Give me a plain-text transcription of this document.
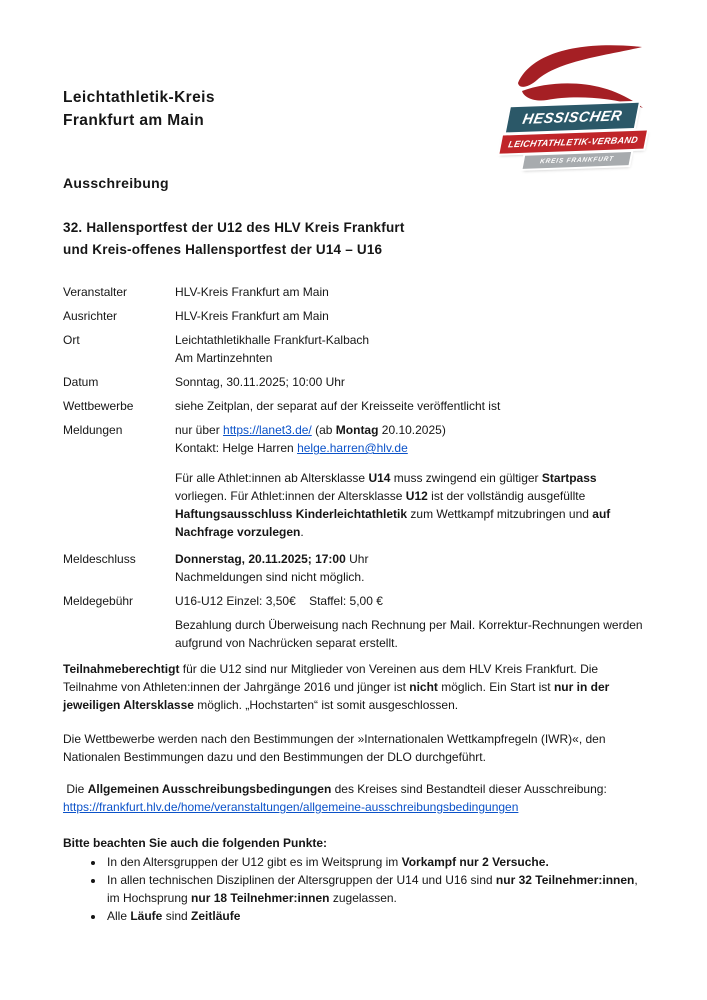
HESSISCHER
LEICHTATHLETIK-VERBAND
KREIS FRANKFURT
Leichtathletik-Kreis
Frankfurt am Main
Ausschreibung
32. Hallensportfest der U12 des HLV Kreis Frankfurt
und Kreis-offenes Hallensportfest der U14 – U16
Veranstalter	HLV-Kreis Frankfurt am Main
Ausrichter	HLV-Kreis Frankfurt am Main
Ort	Leichtathletikhalle Frankfurt-Kalbach
Am Martinzehnten
Datum	Sonntag, 30.11.2025; 10:00 Uhr
Wettbewerbe	siehe Zeitplan, der separat auf der Kreisseite veröffentlicht ist
Meldungen	nur über https://lanet3.de/ (ab Montag 20.10.2025)
Kontakt: Helge Harren helge.harren@hlv.de
Für alle Athlet:innen ab Altersklasse U14 muss zwingend ein gültiger Startpass vorliegen. Für Athlet:innen der Altersklasse U12 ist der vollständig ausgefüllte Haftungsausschluss Kinderleichtathletik zum Wettkampf mitzubringen und auf Nachfrage vorzulegen.
Meldeschluss	Donnerstag, 20.11.2025; 17:00 Uhr
Nachmeldungen sind nicht möglich.
Meldegebühr	U16-U12 Einzel: 3,50€    Staffel: 5,00 €
Bezahlung durch Überweisung nach Rechnung per Mail. Korrektur-Rechnungen werden aufgrund von Nachrücken separat erstellt.
Teilnahmeberechtigt für die U12 sind nur Mitglieder von Vereinen aus dem HLV Kreis Frankfurt. Die Teilnahme von Athleten:innen der Jahrgänge 2016 und jünger ist nicht möglich. Ein Start ist nur in der jeweiligen Altersklasse möglich. „Hochstarten“ ist somit ausgeschlossen.
Die Wettbewerbe werden nach den Bestimmungen der »Internationalen Wettkampfregeln (IWR)«, den Nationalen Bestimmungen dazu und den Bestimmungen der DLO durchgeführt.
Die Allgemeinen Ausschreibungsbedingungen des Kreises sind Bestandteil dieser Ausschreibung:
https://frankfurt.hlv.de/home/veranstaltungen/allgemeine-ausschreibungsbedingungen
Bitte beachten Sie auch die folgenden Punkte:
• In den Altersgruppen der U12 gibt es im Weitsprung im Vorkampf nur 2 Versuche.
• In allen technischen Disziplinen der Altersgruppen der U14 und U16 sind nur 32 Teilnehmer:innen, im Hochsprung nur 18 Teilnehmer:innen zugelassen.
• Alle Läufe sind Zeitläufe
